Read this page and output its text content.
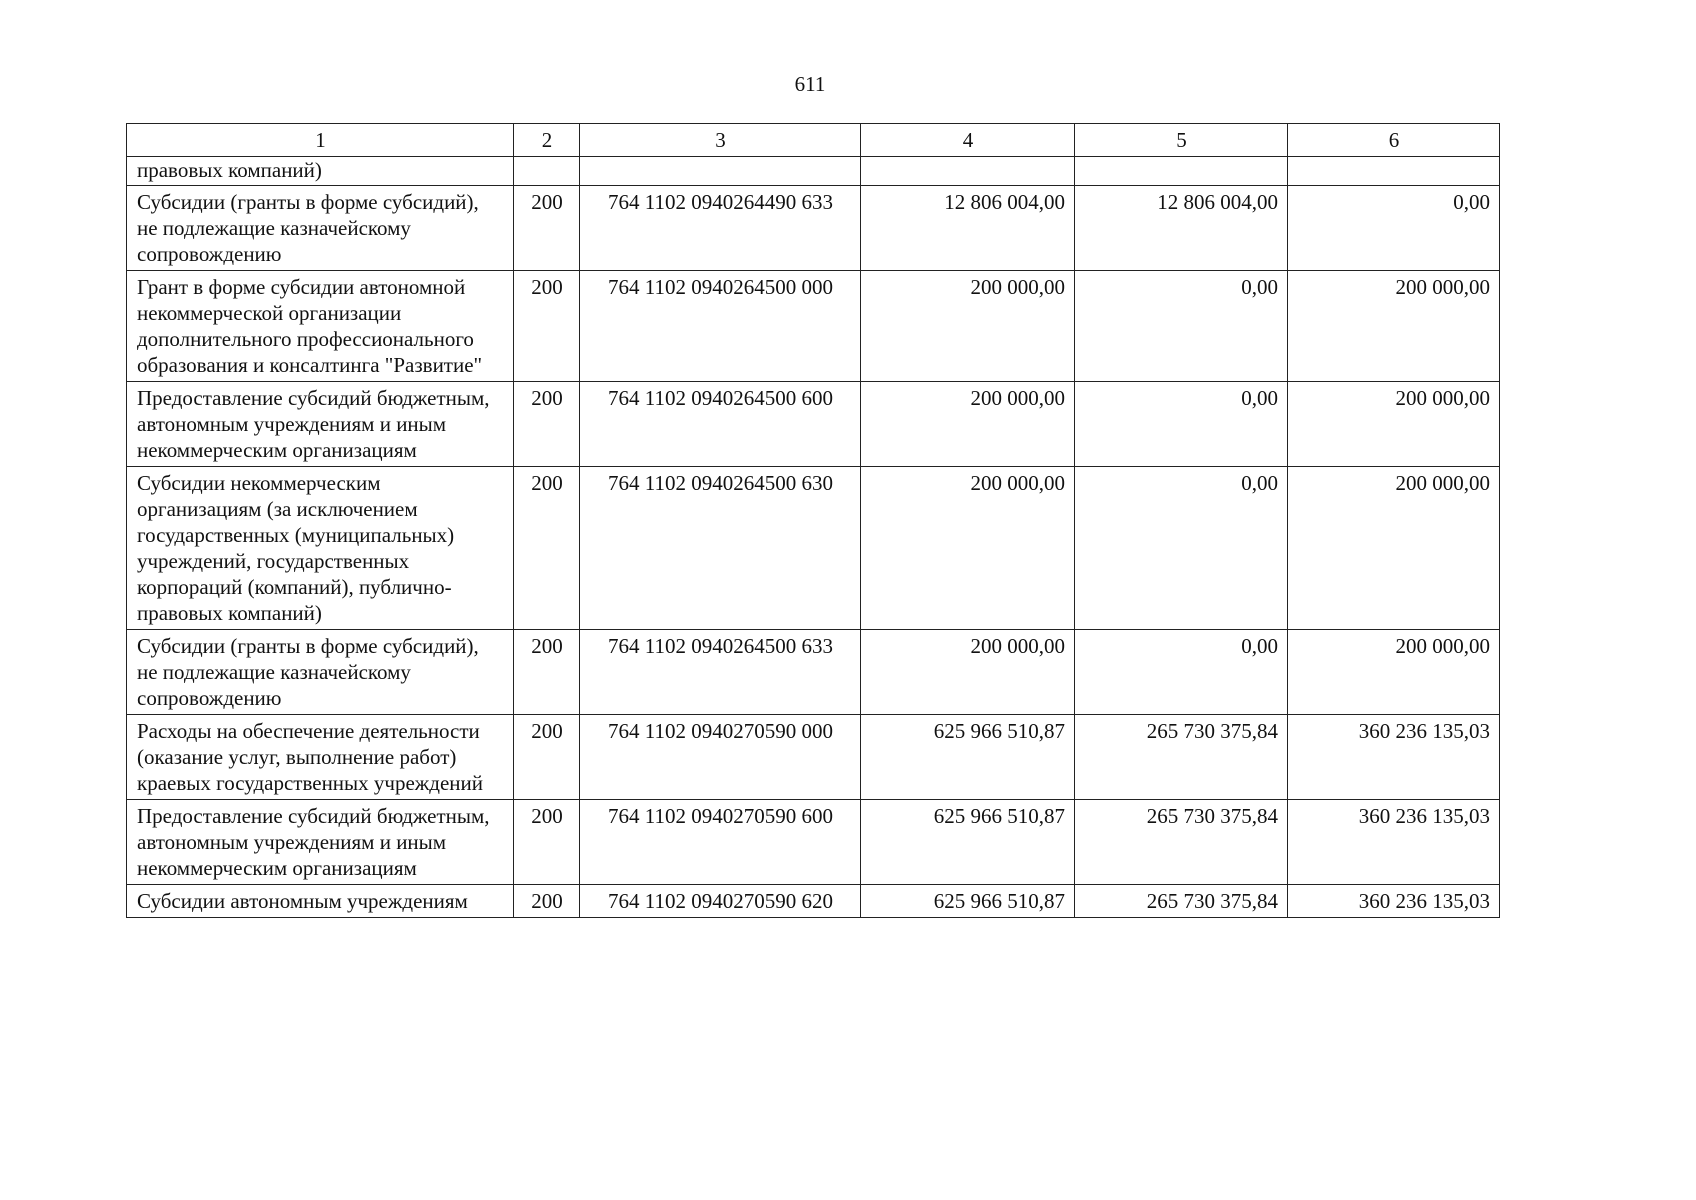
611
1	2	3	4	5	6
правовых компаний)					
Субсидии (гранты в форме субсидий), не подлежащие казначейскому сопровождению	200	764 1102 0940264490 633	12 806 004,00	12 806 004,00	0,00
Грант в форме субсидии автономной некоммерческой организации дополнительного профессионального образования и консалтинга "Развитие"	200	764 1102 0940264500 000	200 000,00	0,00	200 000,00
Предоставление субсидий бюджетным, автономным учреждениям и иным некоммерческим организациям	200	764 1102 0940264500 600	200 000,00	0,00	200 000,00
Субсидии некоммерческим организациям (за исключением государственных (муниципальных) учреждений, государственных корпораций (компаний), публично-правовых компаний)	200	764 1102 0940264500 630	200 000,00	0,00	200 000,00
Субсидии (гранты в форме субсидий), не подлежащие казначейскому сопровождению	200	764 1102 0940264500 633	200 000,00	0,00	200 000,00
Расходы на обеспечение деятельности (оказание услуг, выполнение работ) краевых государственных учреждений	200	764 1102 0940270590 000	625 966 510,87	265 730 375,84	360 236 135,03
Предоставление субсидий бюджетным, автономным учреждениям и иным некоммерческим организациям	200	764 1102 0940270590 600	625 966 510,87	265 730 375,84	360 236 135,03
Субсидии автономным учреждениям	200	764 1102 0940270590 620	625 966 510,87	265 730 375,84	360 236 135,03
